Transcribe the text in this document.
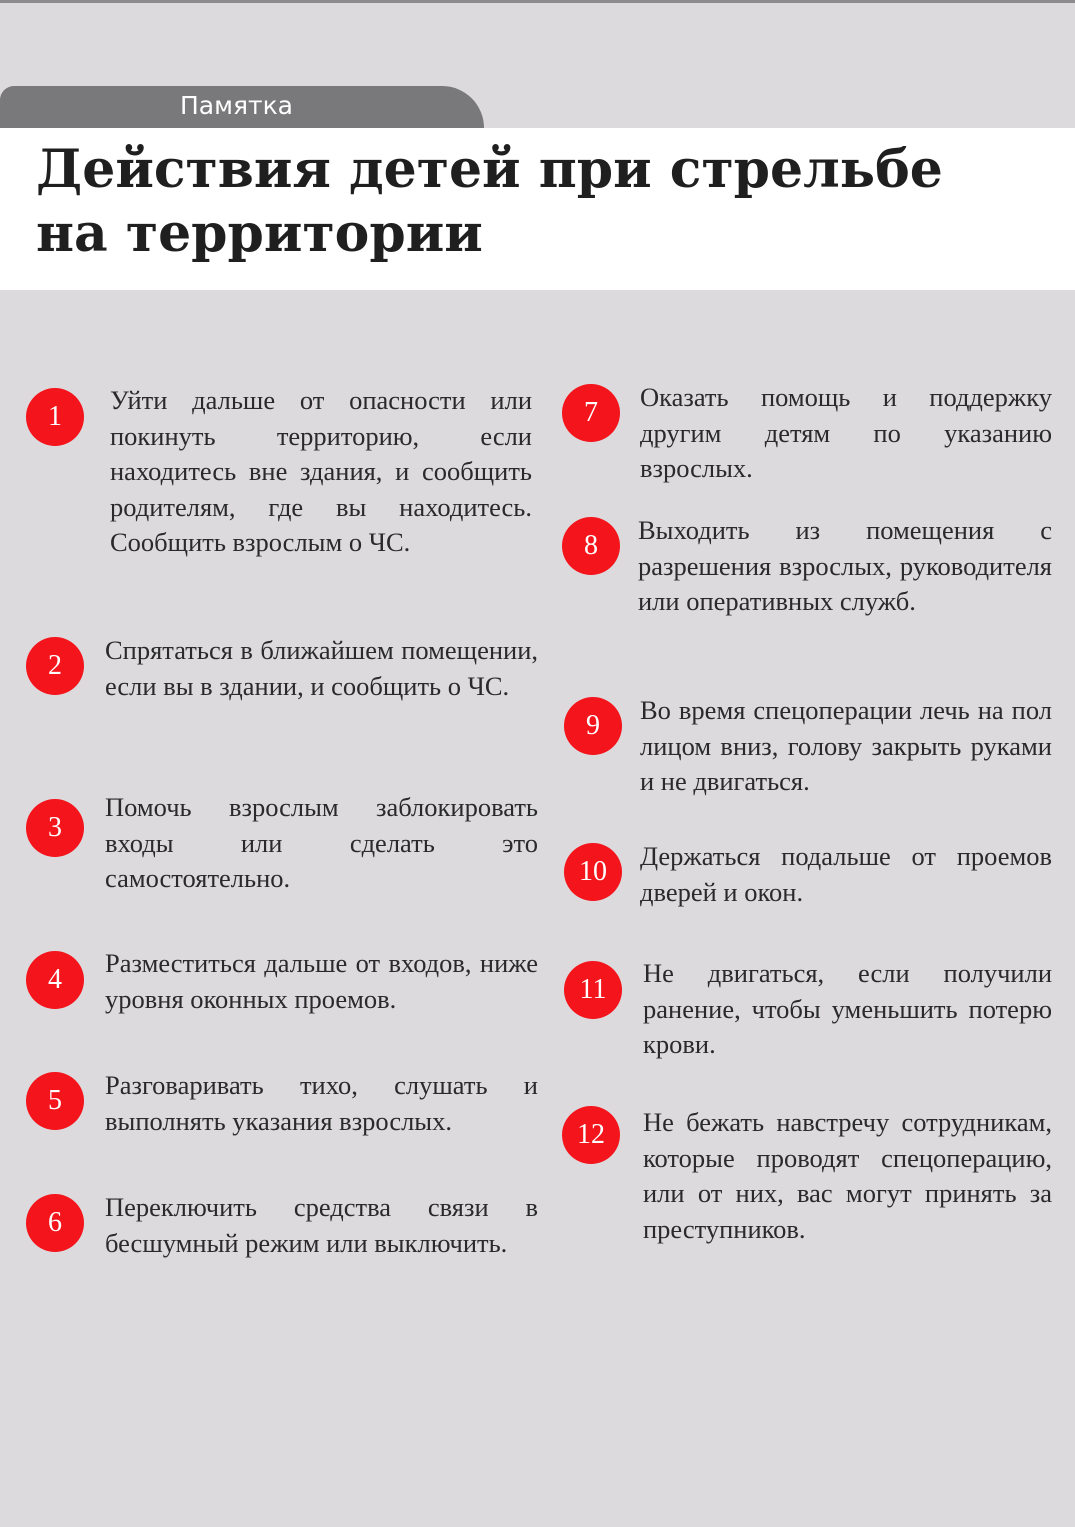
Памятка
Действия детей при стрельбе
на территории
1
Уйти дальше от опасности или покинуть территорию, если находитесь вне здания, и сообщить родителям, где вы находитесь. Сообщить взрослым о ЧС.
2	Спрятаться в ближайшем помещении, если вы в здании, и сообщить о ЧС.
3
Помочь взрослым заблокировать входы или сделать это самостоятельно.
4
Разместиться дальше от входов, ниже уровня оконных проемов.
5	Разговаривать тихо, слушать и выполнять указания взрослых.
6	Переключить средства связи в бесшумный режим или выключить.
7	Оказать помощь и поддержку другим детям по указанию взрослых.
8	Выходить из помещения с разрешения взрослых, руководителя или оперативных служб.
9	Во время спецоперации лечь на пол лицом вниз, голову закрыть руками и не двигаться.
10	Держаться подальше от проемов дверей и окон.
11
Не двигаться, если получили ранение, чтобы уменьшить потерю крови.
12	Не бежать навстречу сотрудникам, которые проводят спецоперацию, или от них, вас могут принять за преступников.
